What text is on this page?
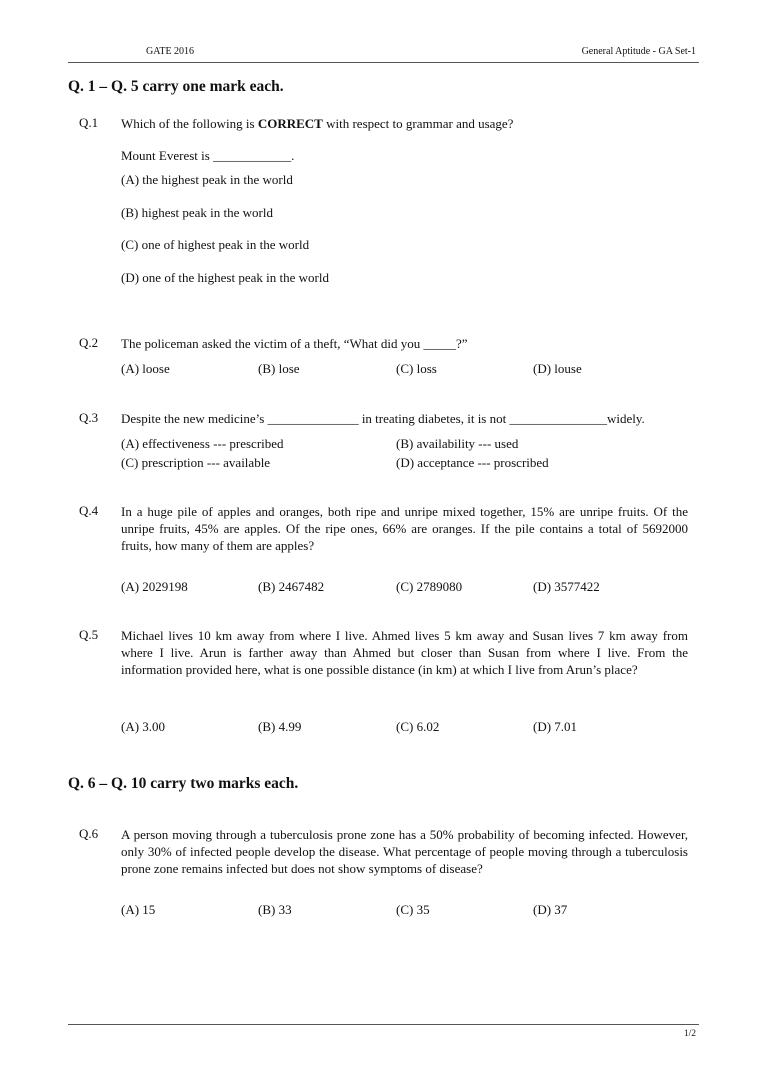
GATE 2016	General Aptitude - GA Set-1
Q. 1 – Q. 5 carry one mark each.
Q.1 Which of the following is CORRECT with respect to grammar and usage?
Mount Everest is ____________.
(A) the highest peak in the world
(B) highest peak in the world
(C) one of highest peak in the world
(D) one of the highest peak in the world
Q.2 The policeman asked the victim of a theft, “What did you _____?”
(A) loose	(B) lose	(C) loss	(D) louse
Q.3 Despite the new medicine’s ______________ in treating diabetes, it is not _______________widely.
(A) effectiveness --- prescribed	(B) availability --- used
(C) prescription --- available	(D) acceptance --- proscribed
Q.4 In a huge pile of apples and oranges, both ripe and unripe mixed together, 15% are unripe fruits. Of the unripe fruits, 45% are apples. Of the ripe ones, 66% are oranges. If the pile contains a total of 5692000 fruits, how many of them are apples?
(A) 2029198	(B) 2467482	(C) 2789080	(D) 3577422
Q.5 Michael lives 10 km away from where I live. Ahmed lives 5 km away and Susan lives 7 km away from where I live. Arun is farther away than Ahmed but closer than Susan from where I live. From the information provided here, what is one possible distance (in km) at which I live from Arun’s place?
(A) 3.00	(B) 4.99	(C) 6.02	(D) 7.01
Q. 6 – Q. 10 carry two marks each.
Q.6 A person moving through a tuberculosis prone zone has a 50% probability of becoming infected. However, only 30% of infected people develop the disease. What percentage of people moving through a tuberculosis prone zone remains infected but does not show symptoms of disease?
(A) 15	(B) 33	(C) 35	(D) 37
1/2
